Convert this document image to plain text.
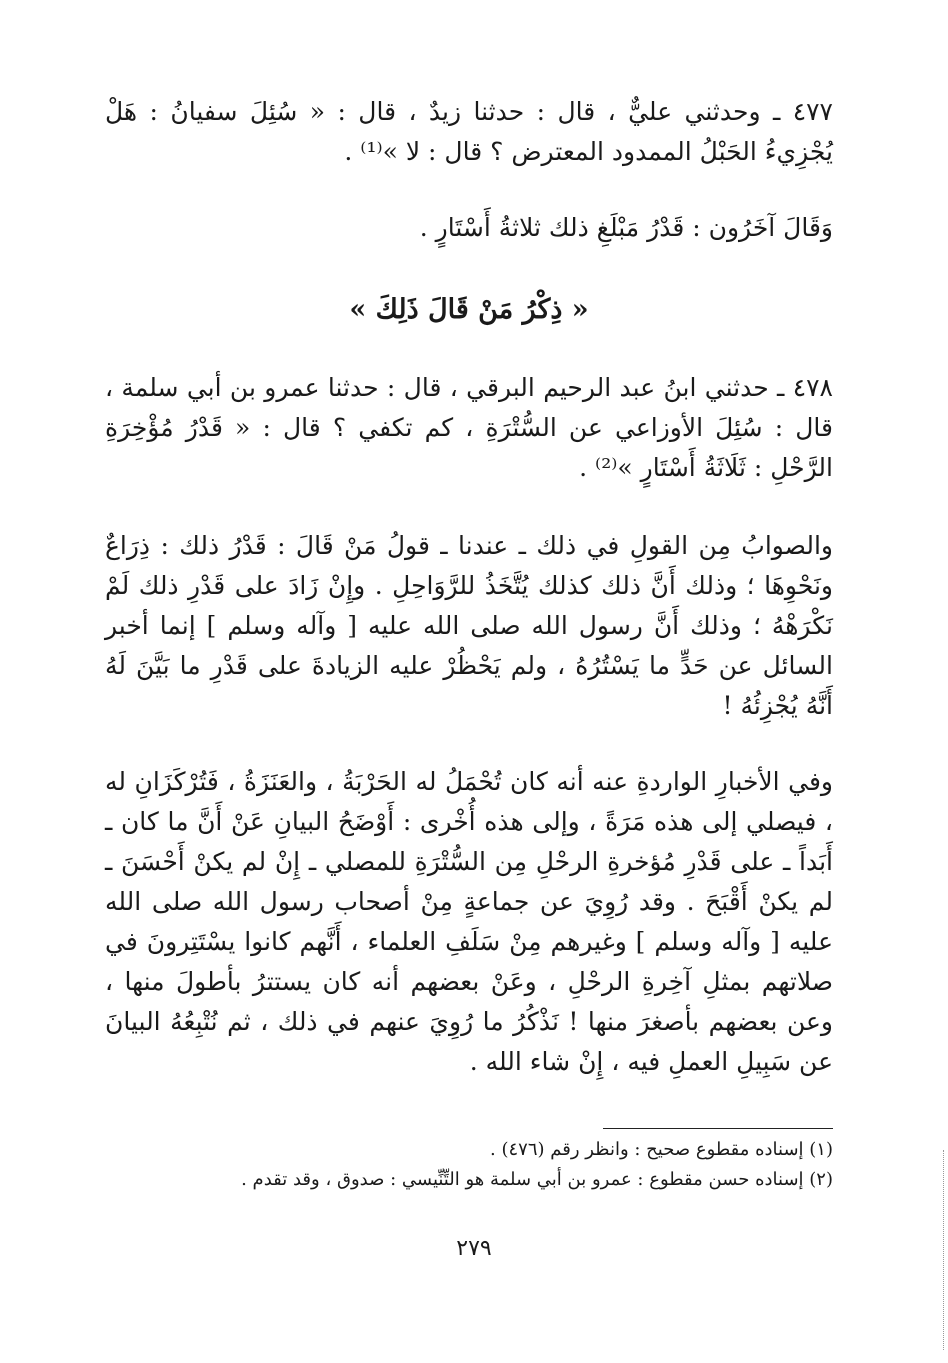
٤٧٧ ـ وحدثني عليٌّ ، قال : حدثنا زيدٌ ، قال : « سُئِلَ سفيانُ : هَلْ يُجْزِيءُ الحَبْلُ الممدود المعترض ؟ قال : لا »⁽¹⁾ .

وَقَالَ آخَرُون : قَدْرُ مَبْلَغِ ذلك ثلاثةُ أَسْتَارٍ .

« ذِكْرُ مَنْ قَالَ ذَلِكَ »

٤٧٨ ـ حدثني ابنُ عبد الرحيم البرقي ، قال : حدثنا عمرو بن أبي سلمة ، قال : سُئِلَ الأوزاعي عن السُّتْرَةِ ، كم تكفي ؟ قال : « قَدْرُ مُؤْخِرَةِ الرَّحْلِ : ثَلَاثَةُ أَسْتَارٍ »⁽²⁾ .

والصوابُ مِن القولِ في ذلك ـ عندنا ـ قولُ مَنْ قَالَ : قَدْرُ ذلك : ذِرَاعٌ ونَحْوِهَا ؛ وذلك أَنَّ ذلك كذلك يُتَّخَذُ للرَّوَاحِلِ . وإِنْ زَادَ على قَدْرِ ذلك لَمْ نَكْرَهْهُ ؛ وذلك أَنَّ رسول الله صلى الله عليه [ وآله وسلم ] إنما أخبر السائل عن حَدٍّ ما يَسْتُرُهُ ، ولم يَحْظُرْ عليه الزيادةَ على قَدْرِ ما بَيَّنَ لَهُ أَنَّهُ يُجْزِئُهُ !

وفي الأخبارِ الواردةِ عنه أنه كان تُحْمَلُ له الحَرْبَةُ ، والعَنَزَةُ ، فَتُرْكَزَانِ له ، فيصلي إلى هذه مَرَةً ، وإلى هذه أُخْرى : أَوْضَحُ البيانِ عَنْ أَنَّ ما كان ـ أَبَداً ـ على قَدْرِ مُؤخرةِ الرحْلِ مِن السُّتْرَةِ للمصلي ـ إِنْ لم يكنْ أَحْسَنَ ـ لم يكنْ أَقْبَحَ . وقد رُوِيَ عن جماعةٍ مِنْ أصحاب رسول الله صلى الله عليه [ وآله وسلم ] وغيرهم مِنْ سَلَفِ العلماء ، أَنَّهم كانوا يسْتَتِرونَ في صلاتهم بمثلِ آخِرةِ الرحْلِ ، وعَنْ بعضهم أنه كان يستترُ بأطولَ منها ، وعن بعضهم بأصغرَ منها ! نَذْكُرُ ما رُوِيَ عنهم في ذلك ، ثم نُتْبِعُهُ البيانَ عن سَبِيلِ العملِ فيه ، إِنْ شاء الله .

(١) إسناده مقطوع صحيح : وانظر رقم (٤٧٦) .

(٢) إسناده حسن مقطوع : عمرو بن أبي سلمة هو التِّنِّيسي : صدوق ، وقد تقدم .

٢٧٩
